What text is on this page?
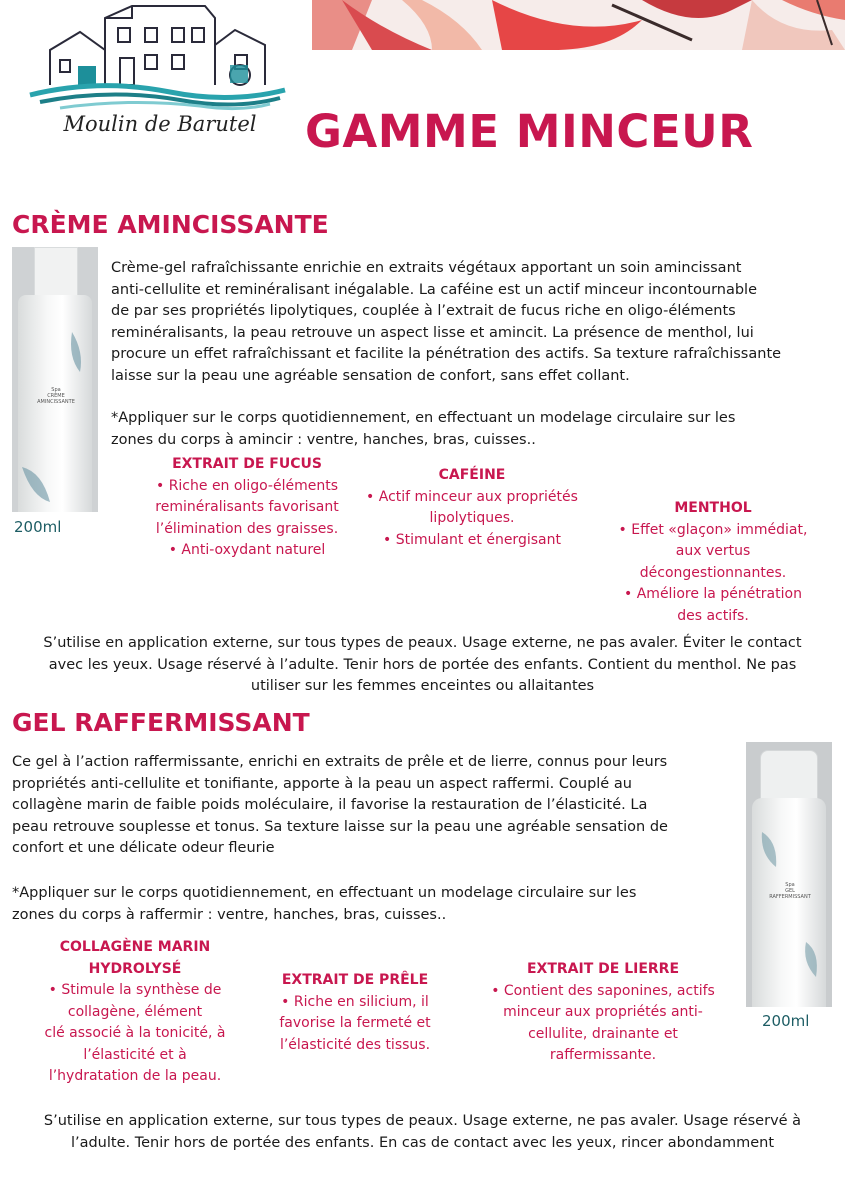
Moulin de Barutel	GAMME MINCEUR
CRÈME AMINCISSANTE
Spa
CRÈME
AMINCISSANTE
200ml
Crème-gel rafraîchissante enrichie en extraits végétaux apportant un soin amincissant
anti-cellulite et reminéralisant inégalable. La caféine est un actif minceur incontournable
de par ses propriétés lipolytiques, couplée à l’extrait de fucus riche en oligo-éléments
reminéralisants, la peau retrouve un aspect lisse et amincit. La présence de menthol, lui
procure un effet rafraîchissant et facilite la pénétration des actifs. Sa texture rafraîchissante
laisse sur la peau une agréable sensation de confort, sans effet collant.
*Appliquer sur le corps quotidiennement, en effectuant un modelage circulaire sur les
zones du corps à amincir : ventre, hanches, bras, cuisses..
EXTRAIT DE FUCUS
• Riche en oligo-éléments
reminéralisants favorisant
l’élimination des graisses.
• Anti-oxydant naturel
CAFÉINE
• Actif minceur aux propriétés
lipolytiques.
• Stimulant et énergisant
MENTHOL
• Effet «glaçon» immédiat,
aux vertus
décongestionnantes.
• Améliore la pénétration
des actifs.
S’utilise en application externe, sur tous types de peaux. Usage externe, ne pas avaler. Éviter le contact
avec les yeux. Usage réservé à l’adulte. Tenir hors de portée des enfants. Contient du menthol. Ne pas
utiliser sur les femmes enceintes ou allaitantes
GEL RAFFERMISSANT
Ce gel à l’action raffermissante, enrichi en extraits de prêle et de lierre, connus pour leurs
propriétés anti-cellulite et tonifiante, apporte à la peau un aspect raffermi. Couplé au
collagène marin de faible poids moléculaire, il favorise la restauration de l’élasticité. La
peau retrouve souplesse et tonus. Sa texture laisse sur la peau une agréable sensation de
confort et une délicate odeur fleurie
*Appliquer sur le corps quotidiennement, en effectuant un modelage circulaire sur les
zones du corps à raffermir : ventre, hanches, bras, cuisses..
Spa
GEL
RAFFERMISSANT
200ml
COLLAGÈNE MARIN
HYDROLYSÉ
• Stimule la synthèse de
collagène, élément
clé associé à la tonicité, à
l’élasticité et à
l’hydratation de la peau.
EXTRAIT DE PRÊLE
• Riche en silicium, il
favorise la fermeté et
l’élasticité des tissus.
EXTRAIT DE LIERRE
• Contient des saponines, actifs
minceur aux propriétés anti-
cellulite, drainante et
raffermissante.
S’utilise en application externe, sur tous types de peaux. Usage externe, ne pas avaler. Usage réservé à
l’adulte. Tenir hors de portée des enfants. En cas de contact avec les yeux, rincer abondamment
